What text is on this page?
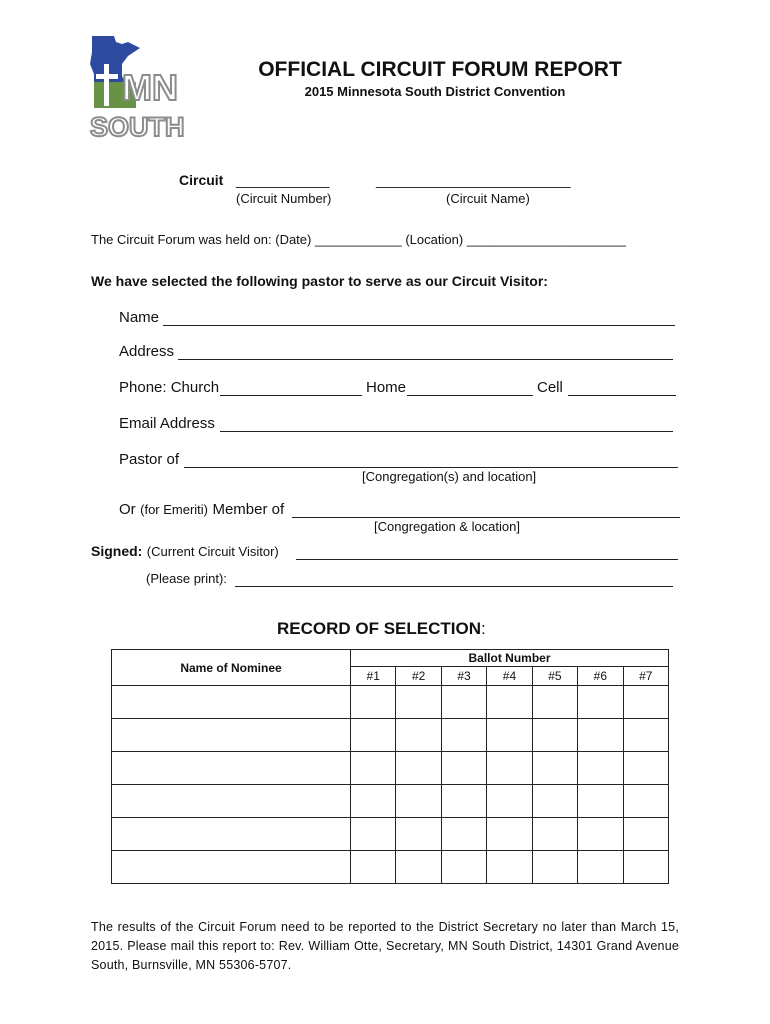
MN
SOUTH
OFFICIAL CIRCUIT FORUM REPORT
2015 Minnesota South District Convention
Circuit ____________	_________________________
(Circuit Number)	(Circuit Name)
The Circuit Forum was held on: (Date) ____________ (Location) ______________________
We have selected the following pastor to serve as our Circuit Visitor:
Name
Address
Phone: Church	Home	Cell
Email Address
Pastor of
[Congregation(s) and location]
Or (for Emeriti) Member of
[Congregation & location]
Signed: (Current Circuit Visitor)
(Please print):
RECORD OF SELECTION:
Name of Nominee	Ballot Number						
	#1	#2	#3	#4	#5	#6	#7

The results of the Circuit Forum need to be reported to the District Secretary no later than March 15, 2015. Please mail this report to: Rev. William Otte, Secretary, MN South District, 14301 Grand Avenue South, Burnsville, MN 55306-5707.
